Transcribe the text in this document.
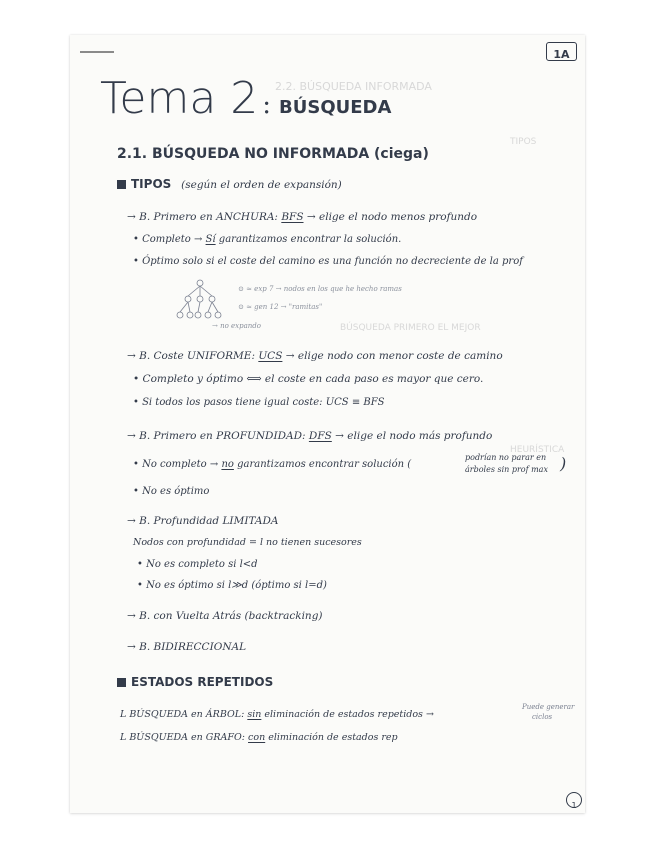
1A
2.2. BÚSQUEDA INFORMADA
TIPOS
BÚSQUEDA PRIMERO EL MEJOR
HEURÍSTICA
Tema 2 : BÚSQUEDA
2.1. BÚSQUEDA NO INFORMADA (ciega)
TIPOS (según el orden de expansión)
→ B. Primero en ANCHURA: BFS → elige el nodo menos profundo
• Completo → Sí garantizamos encontrar la solución.
• Óptimo solo si el coste del camino es una función no decreciente de la prof
⊙ ≈ exp 7 → nodos en los que he hecho ramas
⊙ ≈ gen 12 → "ramitas"
→ no expando
→ B. Coste UNIFORME: UCS → elige nodo con menor coste de camino
• Completo y óptimo ⟺ el coste en cada paso es mayor que cero.
• Si todos los pasos tiene igual coste: UCS ≡ BFS
→ B. Primero en PROFUNDIDAD: DFS → elige el nodo más profundo
• No completo → no garantizamos encontrar solución (
podrían no parar en
árboles sin prof max )
• No es óptimo
→ B. Profundidad LIMITADA
Nodos con profundidad = l no tienen sucesores
• No es completo si l<d
• No es óptimo si l≫d (óptimo si l=d)
→ B. con Vuelta Atrás (backtracking)
→ B. BIDIRECCIONAL
ESTADOS REPETIDOS
L BÚSQUEDA en ÁRBOL: sin eliminación de estados repetidos →
Puede generar
ciclos
L BÚSQUEDA en GRAFO: con eliminación de estados rep
1
